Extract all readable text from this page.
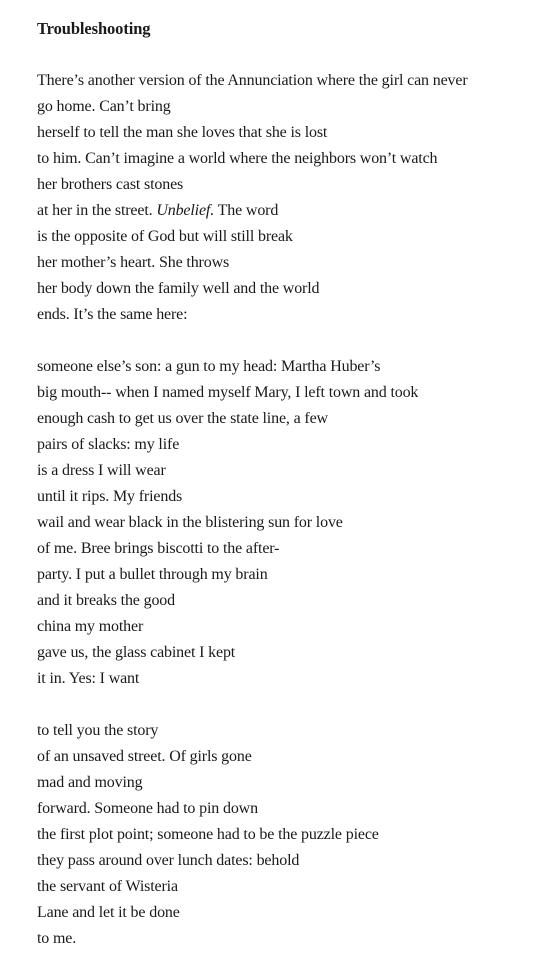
Troubleshooting
There’s another version of the Annunciation where the girl can never
go home. Can’t bring
herself to tell the man she loves that she is lost
to him. Can’t imagine a world where the neighbors won’t watch
her brothers cast stones
at her in the street. Unbelief. The word
is the opposite of God but will still break
her mother’s heart. She throws
her body down the family well and the world
ends. It’s the same here:
someone else’s son: a gun to my head: Martha Huber’s
big mouth-- when I named myself Mary, I left town and took
enough cash to get us over the state line, a few
pairs of slacks: my life
is a dress I will wear
until it rips. My friends
wail and wear black in the blistering sun for love
of me. Bree brings biscotti to the after-
party. I put a bullet through my brain
and it breaks the good
china my mother
gave us, the glass cabinet I kept
it in. Yes: I want
to tell you the story
of an unsaved street. Of girls gone
mad and moving
forward. Someone had to pin down
the first plot point; someone had to be the puzzle piece
they pass around over lunch dates: behold
the servant of Wisteria
Lane and let it be done
to me.
